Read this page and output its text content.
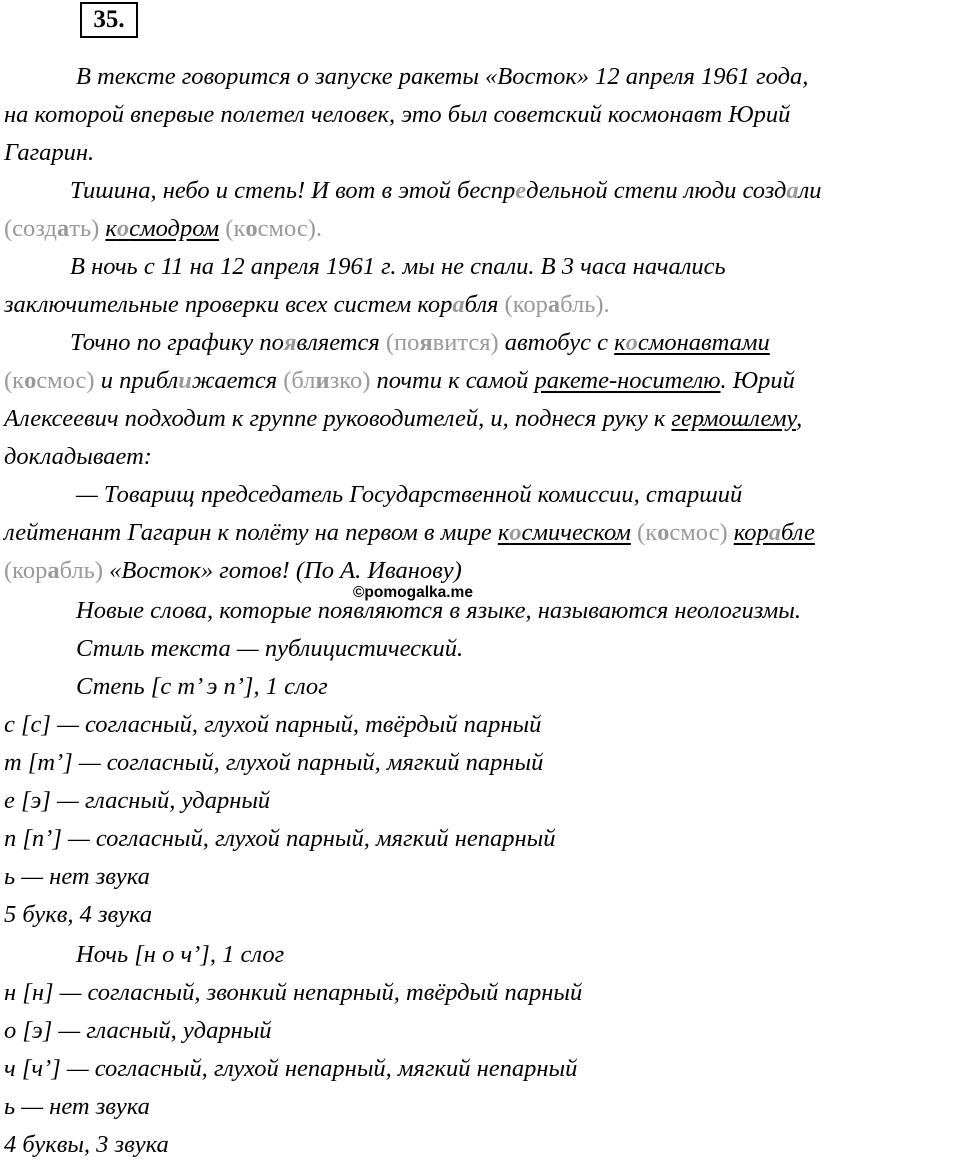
35.
В тексте говорится о запуске ракеты «Восток» 12 апреля 1961 года,
на которой впервые полетел человек, это был советский космонавт Юрий
Гагарин.
Тишина, небо и степь! И вот в этой беспредельной степи люди создали
(создать) космодром (космос).
В ночь с 11 на 12 апреля 1961 г. мы не спали. В 3 часа начались
заключительные проверки всех систем корабля (корабль).
Точно по графику появляется (появится) автобус с космонавтами
(космос) и приближается (близко) почти к самой ракете-носителю. Юрий
Алексеевич подходит к группе руководителей, и, поднеся руку к гермошлему,
докладывает:
— Товарищ председатель Государственной комиссии, старший
лейтенант Гагарин к полёту на первом в мире космическом (космос) корабле
(корабль) «Восток» готов! (По А. Иванову)
©pomogalka.me
Новые слова, которые появляются в языке, называются неологизмы.
Стиль текста — публицистический.
Степь [с т’ э п’], 1 слог
с [с] — согласный, глухой парный, твёрдый парный
т [т’] — согласный, глухой парный, мягкий парный
е [э] — гласный, ударный
п [п’] — согласный, глухой парный, мягкий непарный
ь — нет звука
5 букв, 4 звука
Ночь [н о ч’], 1 слог
н [н] — согласный, звонкий непарный, твёрдый парный
о [э] — гласный, ударный
ч [ч’] — согласный, глухой непарный, мягкий непарный
ь — нет звука
4 буквы, 3 звука
